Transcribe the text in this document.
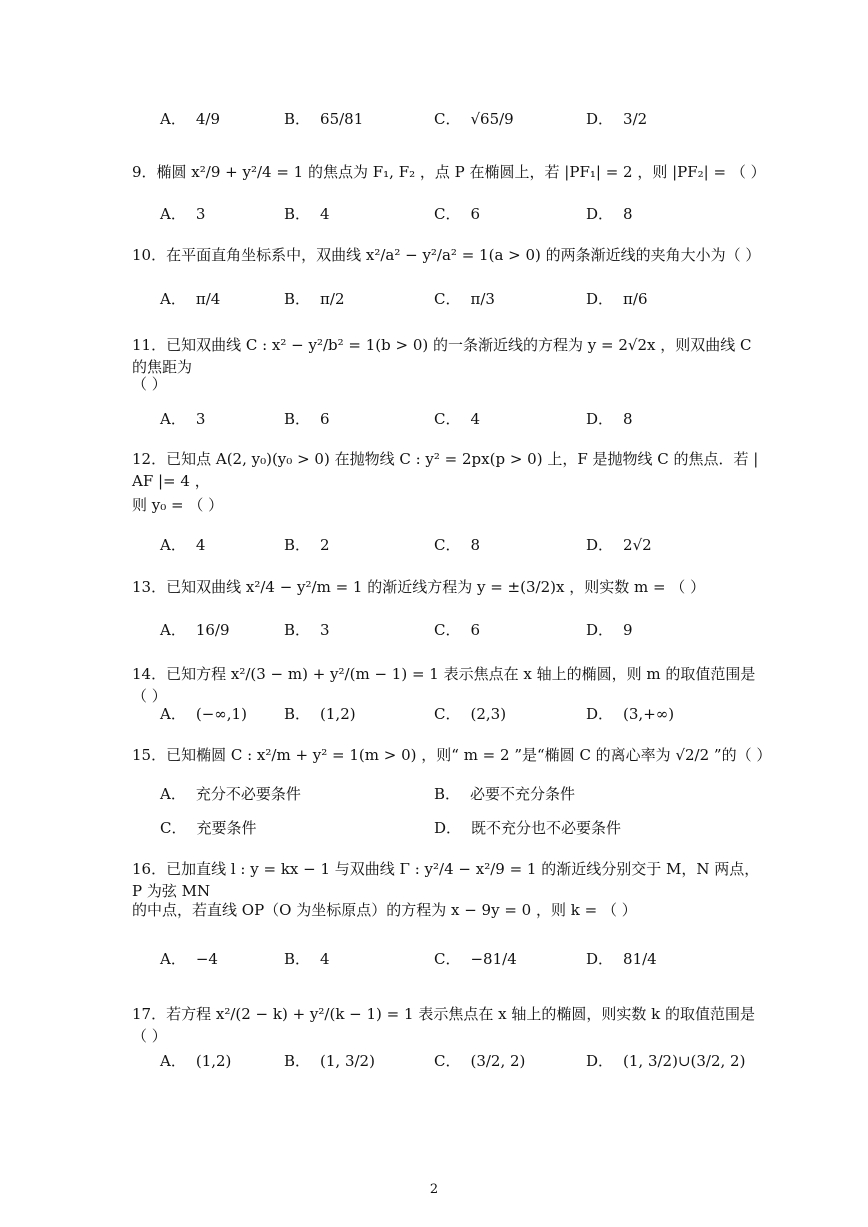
A． 4/9	B． 65/81	C． √65/9	D． 3/2
9．椭圆 x²/9 + y²/4 = 1 的焦点为 F₁, F₂ ，点 P 在椭圆上，若 |PF₁| = 2 ，则 |PF₂| = （ ）
A． 3	B． 4	C． 6	D． 8
10．在平面直角坐标系中，双曲线 x²/a² − y²/a² = 1(a > 0) 的两条渐近线的夹角大小为（ ）
A． π/4	B． π/2	C． π/3	D． π/6
11．已知双曲线 C : x² − y²/b² = 1(b > 0) 的一条渐近线的方程为 y = 2√2x ，则双曲线 C 的焦距为
（ ）
A． 3	B． 6	C． 4	D． 8
12．已知点 A(2, y₀)(y₀ > 0) 在抛物线 C : y² = 2px(p > 0) 上，F 是抛物线 C 的焦点．若 | AF |= 4 ，
则 y₀ = （ ）
A． 4	B． 2	C． 8	D． 2√2
13．已知双曲线 x²/4 − y²/m = 1 的渐近线方程为 y = ±(3/2)x ，则实数 m = （ ）
A． 16/9	B． 3	C． 6	D． 9
14．已知方程 x²/(3 − m) + y²/(m − 1) = 1 表示焦点在 x 轴上的椭圆，则 m 的取值范围是（ ）
A． (−∞,1) B． (1,2)	C． (2,3)	D． (3,+∞)
15．已知椭圆 C : x²/m + y² = 1(m > 0) ，则“ m = 2 ”是“椭圆 C 的离心率为 √2/2 ”的（ ）
A． 充分不必要条件	B． 必要不充分条件
C． 充要条件	D． 既不充分也不必要条件
16．已加直线 l : y = kx − 1 与双曲线 Γ : y²/4 − x²/9 = 1 的渐近线分别交于 M，N 两点，P 为弦 MN
的中点，若直线 OP（O 为坐标原点）的方程为 x − 9y = 0 ，则 k = （ ）
A． −4	B． 4	C． −81/4	D． 81/4
17．若方程 x²/(2 − k) + y²/(k − 1) = 1 表示焦点在 x 轴上的椭圆，则实数 k 的取值范围是（ ）
A． (1,2)	B． (1, 3/2)	C． (3/2, 2)	D． (1, 3/2)∪(3/2, 2)
2
